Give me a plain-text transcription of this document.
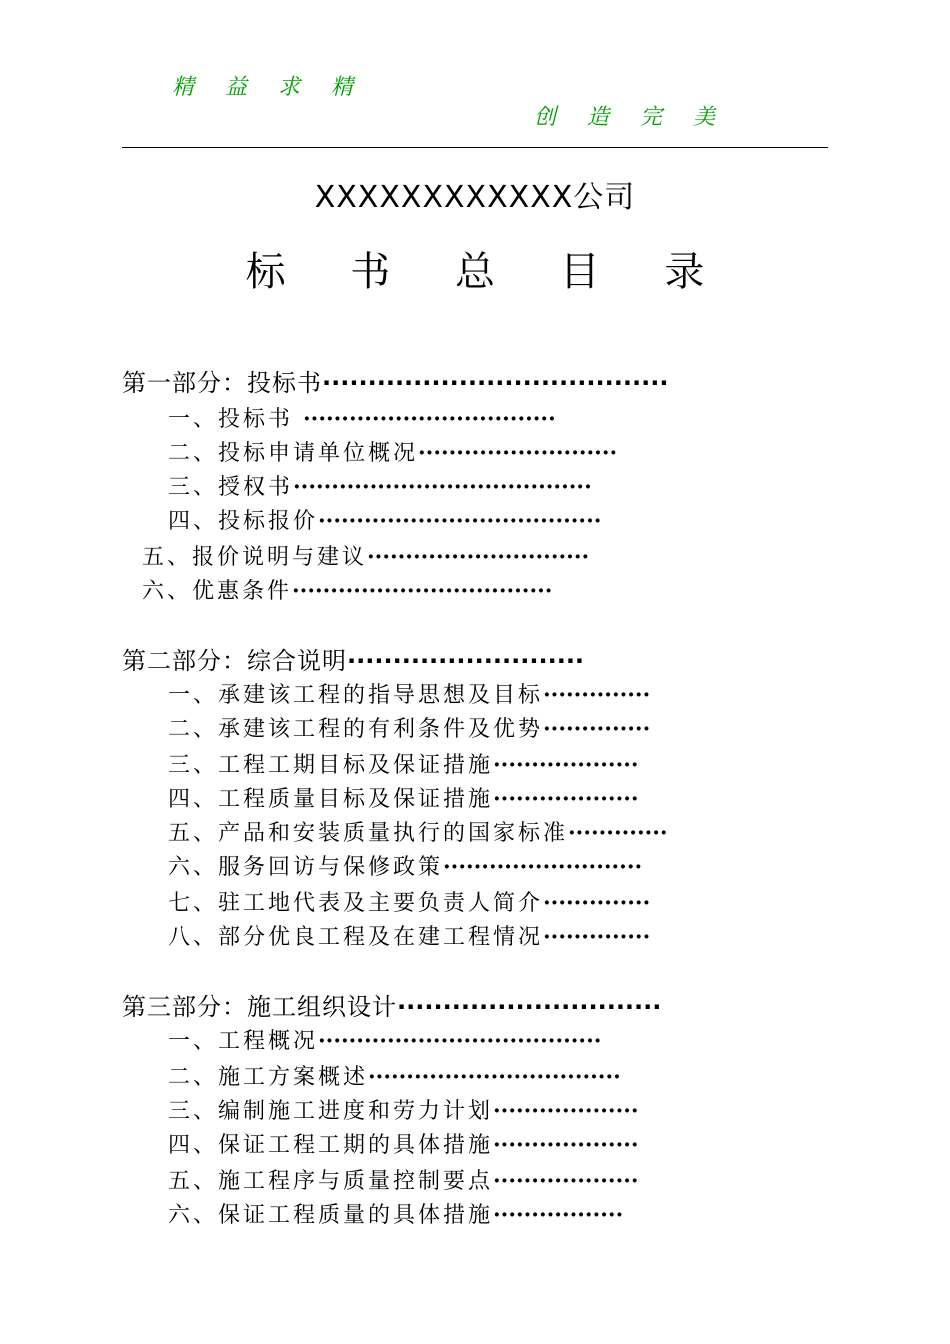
精 益 求 精
创 造 完 美
XXXXXXXXXXXX公司
标 书 总 目 录
第一部分：投标书······································
一、投标书 ·································
二、投标申请单位概况··························
三、授权书·······································
四、投标报价·····································
五、报价说明与建议·····························
六、优惠条件··································
第二部分：综合说明··························
一、承建该工程的指导思想及目标··············
二、承建该工程的有利条件及优势··············
三、工程工期目标及保证措施···················
四、工程质量目标及保证措施···················
五、产品和安装质量执行的国家标准·············
六、服务回访与保修政策··························
七、驻工地代表及主要负责人简介··············
八、部分优良工程及在建工程情况··············
第三部分：施工组织设计·····························
一、工程概况·····································
二、施工方案概述·································
三、编制施工进度和劳力计划···················
四、保证工程工期的具体措施···················
五、施工程序与质量控制要点···················
六、保证工程质量的具体措施·················
